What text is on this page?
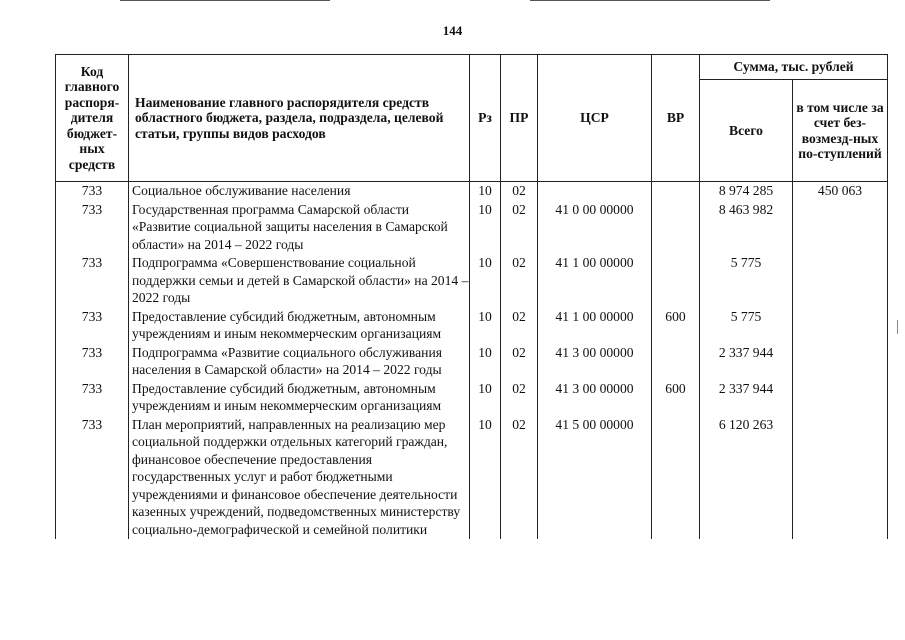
144
Код главного распоря-дителя бюджет-ных средств	Наименование главного распорядителя средств областного бюджета, раздела, подраздела, целевой статьи, группы видов расходов	Рз	ПР	ЦСР	ВР	Сумма, тыс. рублей	
						Всего	в том числе за счет без-возмезд-ных по-ступлений
733	Социальное обслуживание населения	10	02			8 974 285	450 063
733	Государственная программа Самарской области «Развитие социальной защиты населения в Самарской области» на 2014 – 2022 годы	10	02	41 0 00 00000		8 463 982	
733	Подпрограмма «Совершенствование социальной поддержки семьи и детей в Самарской области» на 2014 – 2022 годы	10	02	41 1 00 00000		5 775	
733	Предоставление субсидий бюджетным, автономным учреждениям и иным некоммерческим организациям	10	02	41 1 00 00000	600	5 775	
733	Подпрограмма «Развитие социального обслуживания населения в Самарской области» на 2014 – 2022 годы	10	02	41 3 00 00000		2 337 944	
733	Предоставление субсидий бюджетным, автономным учреждениям и иным некоммерческим организациям	10	02	41 3 00 00000	600	2 337 944	
733	План мероприятий, направленных на реализацию мер социальной поддержки отдельных категорий граждан, финансовое обеспечение предоставления государственных услуг и работ бюджетными учреждениями и финансовое обеспечение деятельности казенных учреждений, подведомственных министерству социально-демографической и семейной политики	10	02	41 5 00 00000		6 120 263	
